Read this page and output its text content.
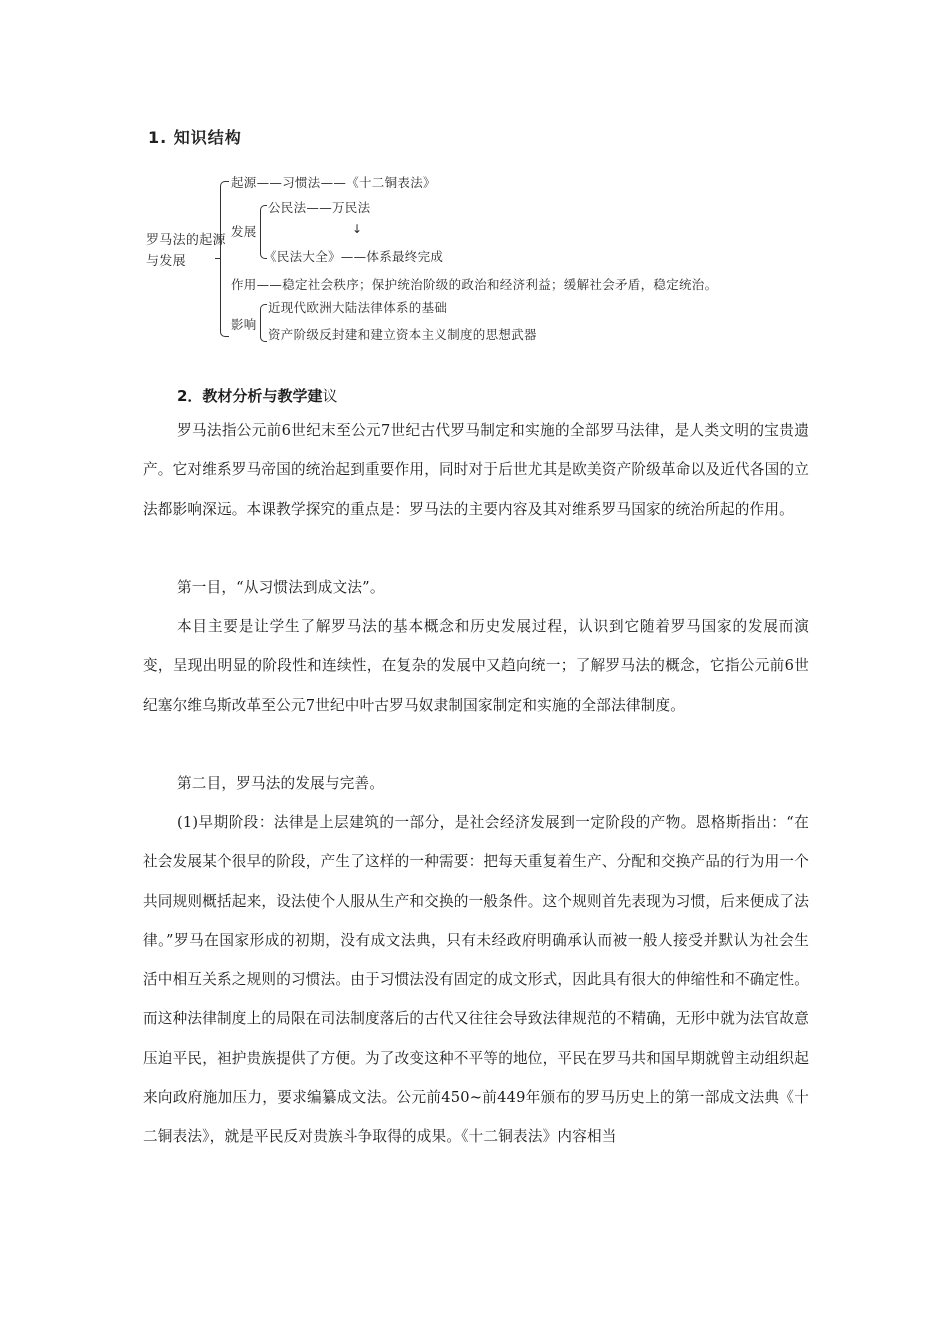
1. 知识结构
罗马法的起源与发展
起源——习惯法——《十二铜表法》
发展
公民法——万民法
↓
《民法大全》——体系最终完成
作用——稳定社会秩序；保护统治阶级的政治和经济利益；缓解社会矛盾，稳定统治。
影响
近现代欧洲大陆法律体系的基础
资产阶级反封建和建立资本主义制度的思想武器
2．教材分析与教学建议
罗马法指公元前6世纪末至公元7世纪古代罗马制定和实施的全部罗马法律，是人类文明的宝贵遗产。它对维系罗马帝国的统治起到重要作用，同时对于后世尤其是欧美资产阶级革命以及近代各国的立法都影响深远。本课教学探究的重点是：罗马法的主要内容及其对维系罗马国家的统治所起的作用。
第一目，“从习惯法到成文法”。
本目主要是让学生了解罗马法的基本概念和历史发展过程，认识到它随着罗马国家的发展而演变，呈现出明显的阶段性和连续性，在复杂的发展中又趋向统一；了解罗马法的概念，它指公元前6世纪塞尔维乌斯改革至公元7世纪中叶古罗马奴隶制国家制定和实施的全部法律制度。
第二目，罗马法的发展与完善。
(1)早期阶段：法律是上层建筑的一部分，是社会经济发展到一定阶段的产物。恩格斯指出：“在社会发展某个很早的阶段，产生了这样的一种需要：把每天重复着生产、分配和交换产品的行为用一个共同规则概括起来，设法使个人服从生产和交换的一般条件。这个规则首先表现为习惯，后来便成了法律。”罗马在国家形成的初期，没有成文法典，只有未经政府明确承认而被一般人接受并默认为社会生活中相互关系之规则的习惯法。由于习惯法没有固定的成文形式，因此具有很大的伸缩性和不确定性。而这种法律制度上的局限在司法制度落后的古代又往往会导致法律规范的不精确，无形中就为法官故意压迫平民，袒护贵族提供了方便。为了改变这种不平等的地位，平民在罗马共和国早期就曾主动组织起来向政府施加压力，要求编纂成文法。公元前450~前449年颁布的罗马历史上的第一部成文法典《十二铜表法》，就是平民反对贵族斗争取得的成果。《十二铜表法》内容相当
